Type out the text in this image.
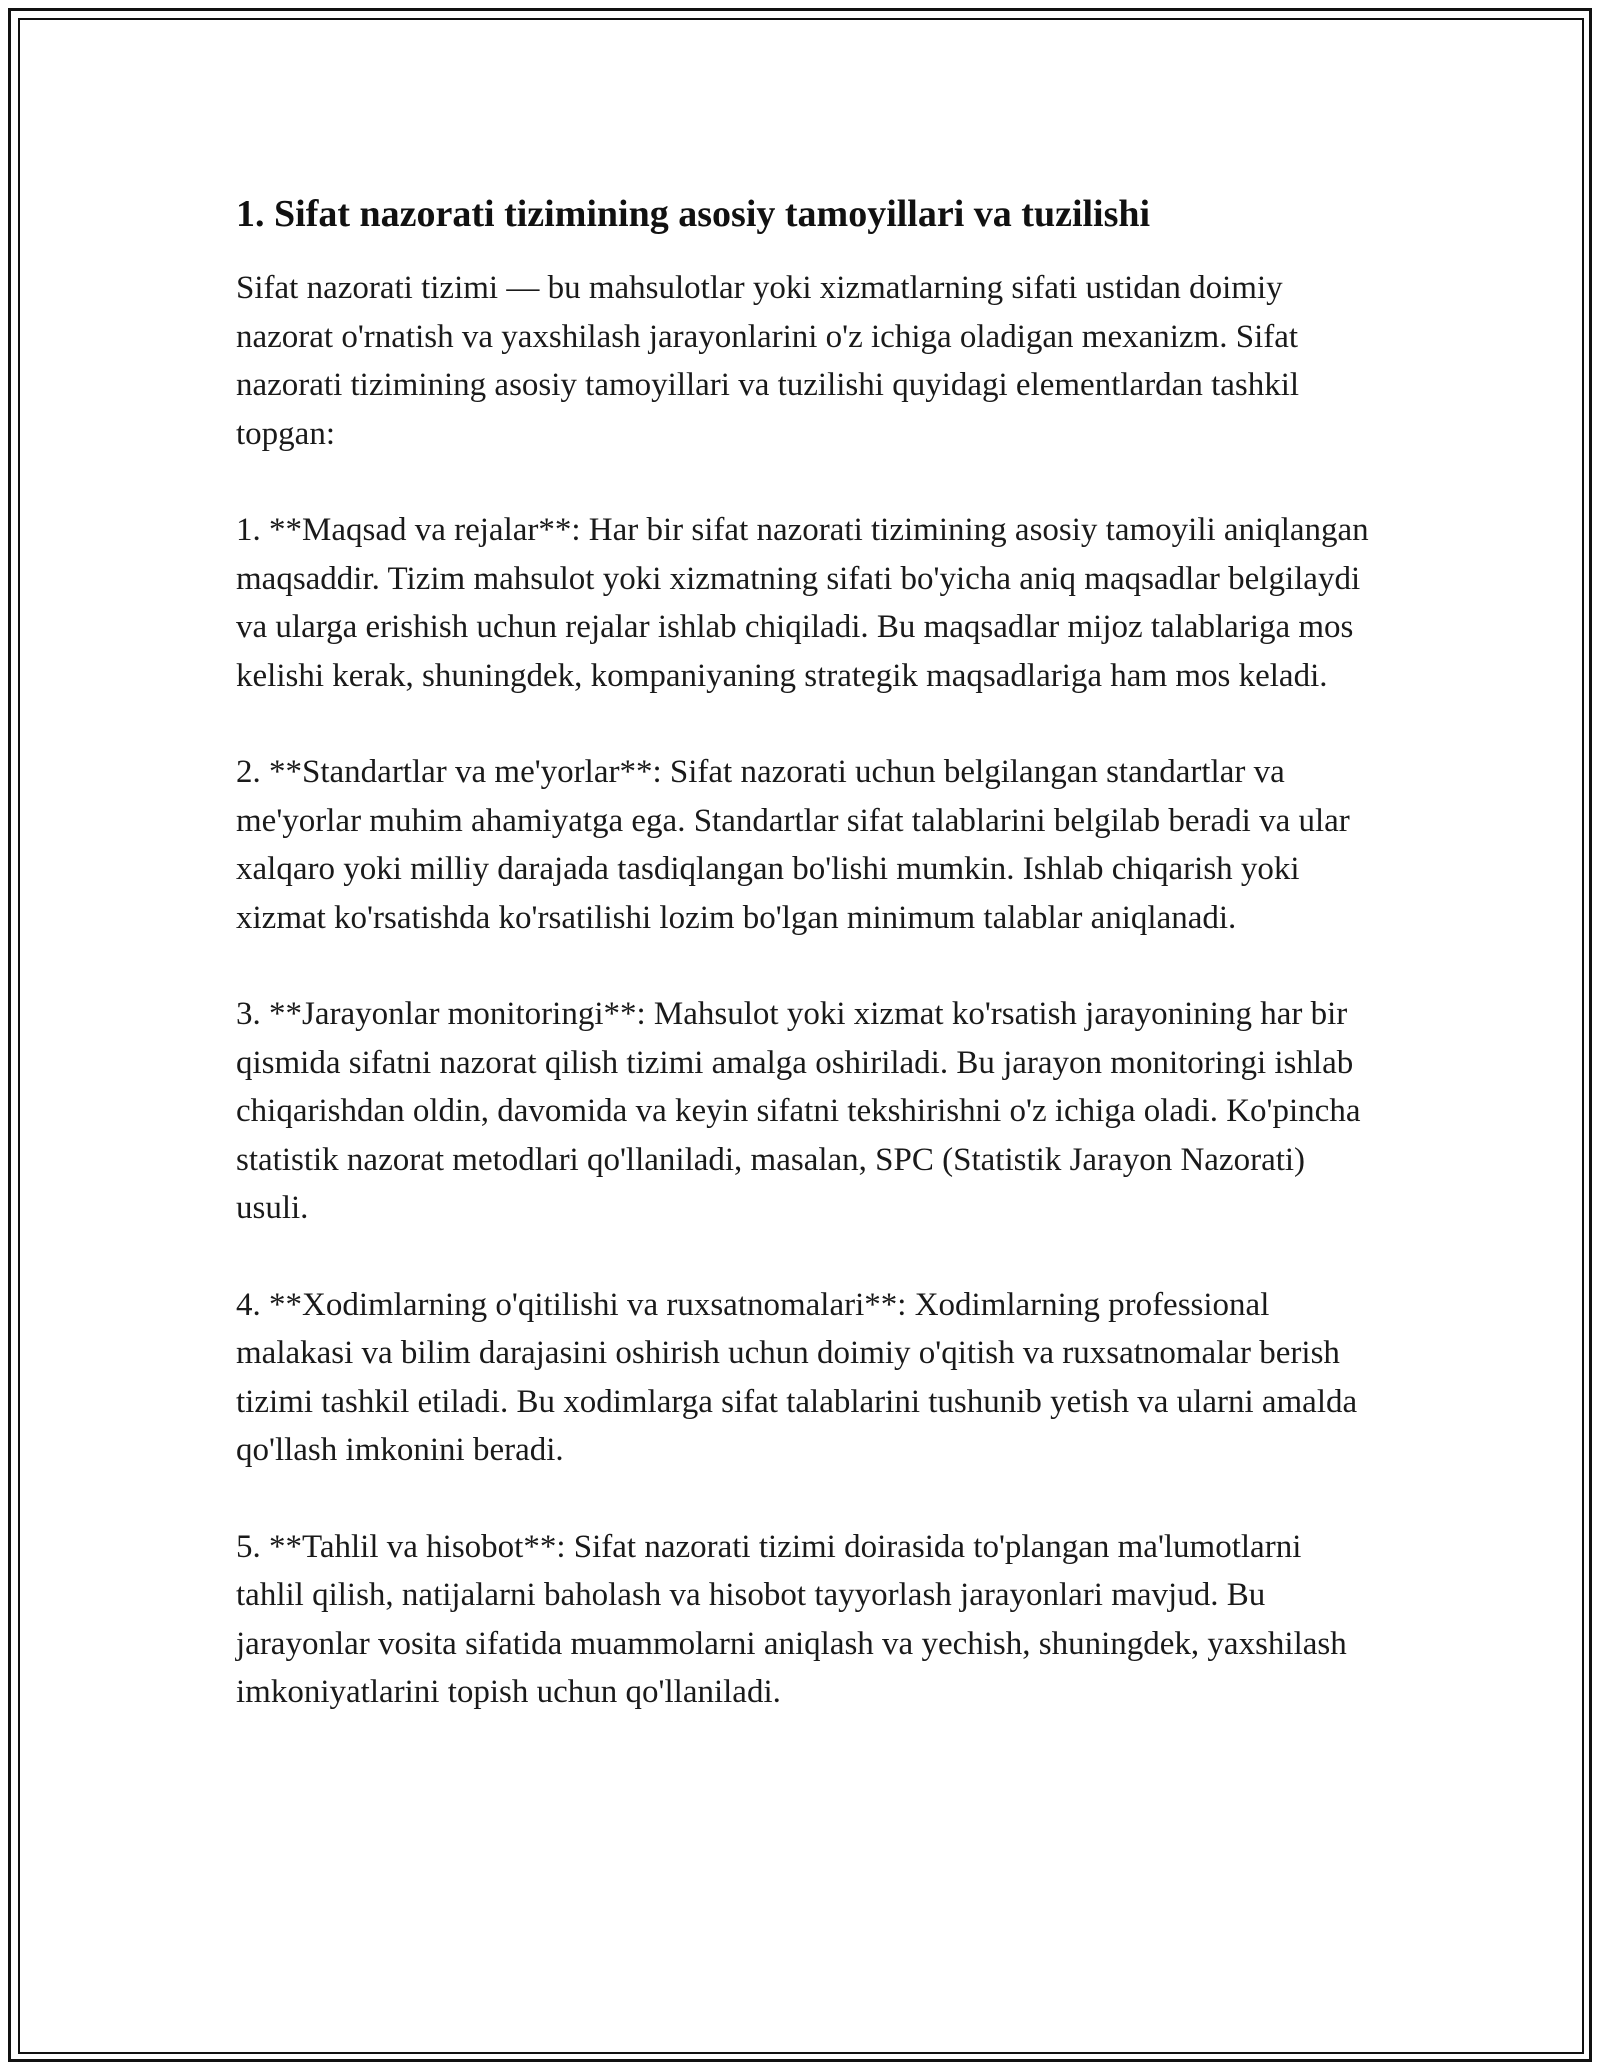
1. Sifat nazorati tizimining asosiy tamoyillari va tuzilishi

Sifat nazorati tizimi — bu mahsulotlar yoki xizmatlarning sifati ustidan doimiy nazorat o'rnatish va yaxshilash jarayonlarini o'z ichiga oladigan mexanizm. Sifat nazorati tizimining asosiy tamoyillari va tuzilishi quyidagi elementlardan tashkil topgan:

1. **Maqsad va rejalar**: Har bir sifat nazorati tizimining asosiy tamoyili aniqlangan maqsaddir. Tizim mahsulot yoki xizmatning sifati bo'yicha aniq maqsadlar belgilaydi va ularga erishish uchun rejalar ishlab chiqiladi. Bu maqsadlar mijoz talablariga mos kelishi kerak, shuningdek, kompaniyaning strategik maqsadlariga ham mos keladi.

2. **Standartlar va me'yorlar**: Sifat nazorati uchun belgilangan standartlar va me'yorlar muhim ahamiyatga ega. Standartlar sifat talablarini belgilab beradi va ular xalqaro yoki milliy darajada tasdiqlangan bo'lishi mumkin. Ishlab chiqarish yoki xizmat ko'rsatishda ko'rsatilishi lozim bo'lgan minimum talablar aniqlanadi.

3. **Jarayonlar monitoringi**: Mahsulot yoki xizmat ko'rsatish jarayonining har bir qismida sifatni nazorat qilish tizimi amalga oshiriladi. Bu jarayon monitoringi ishlab chiqarishdan oldin, davomida va keyin sifatni tekshirishni o'z ichiga oladi. Ko'pincha statistik nazorat metodlari qo'llaniladi, masalan, SPC (Statistik Jarayon Nazorati) usuli.

4. **Xodimlarning o'qitilishi va ruxsatnomalari**: Xodimlarning professional malakasi va bilim darajasini oshirish uchun doimiy o'qitish va ruxsatnomalar berish tizimi tashkil etiladi. Bu xodimlarga sifat talablarini tushunib yetish va ularni amalda qo'llash imkonini beradi.

5. **Tahlil va hisobot**: Sifat nazorati tizimi doirasida to'plangan ma'lumotlarni tahlil qilish, natijalarni baholash va hisobot tayyorlash jarayonlari mavjud. Bu jarayonlar vosita sifatida muammolarni aniqlash va yechish, shuningdek, yaxshilash imkoniyatlarini topish uchun qo'llaniladi.
